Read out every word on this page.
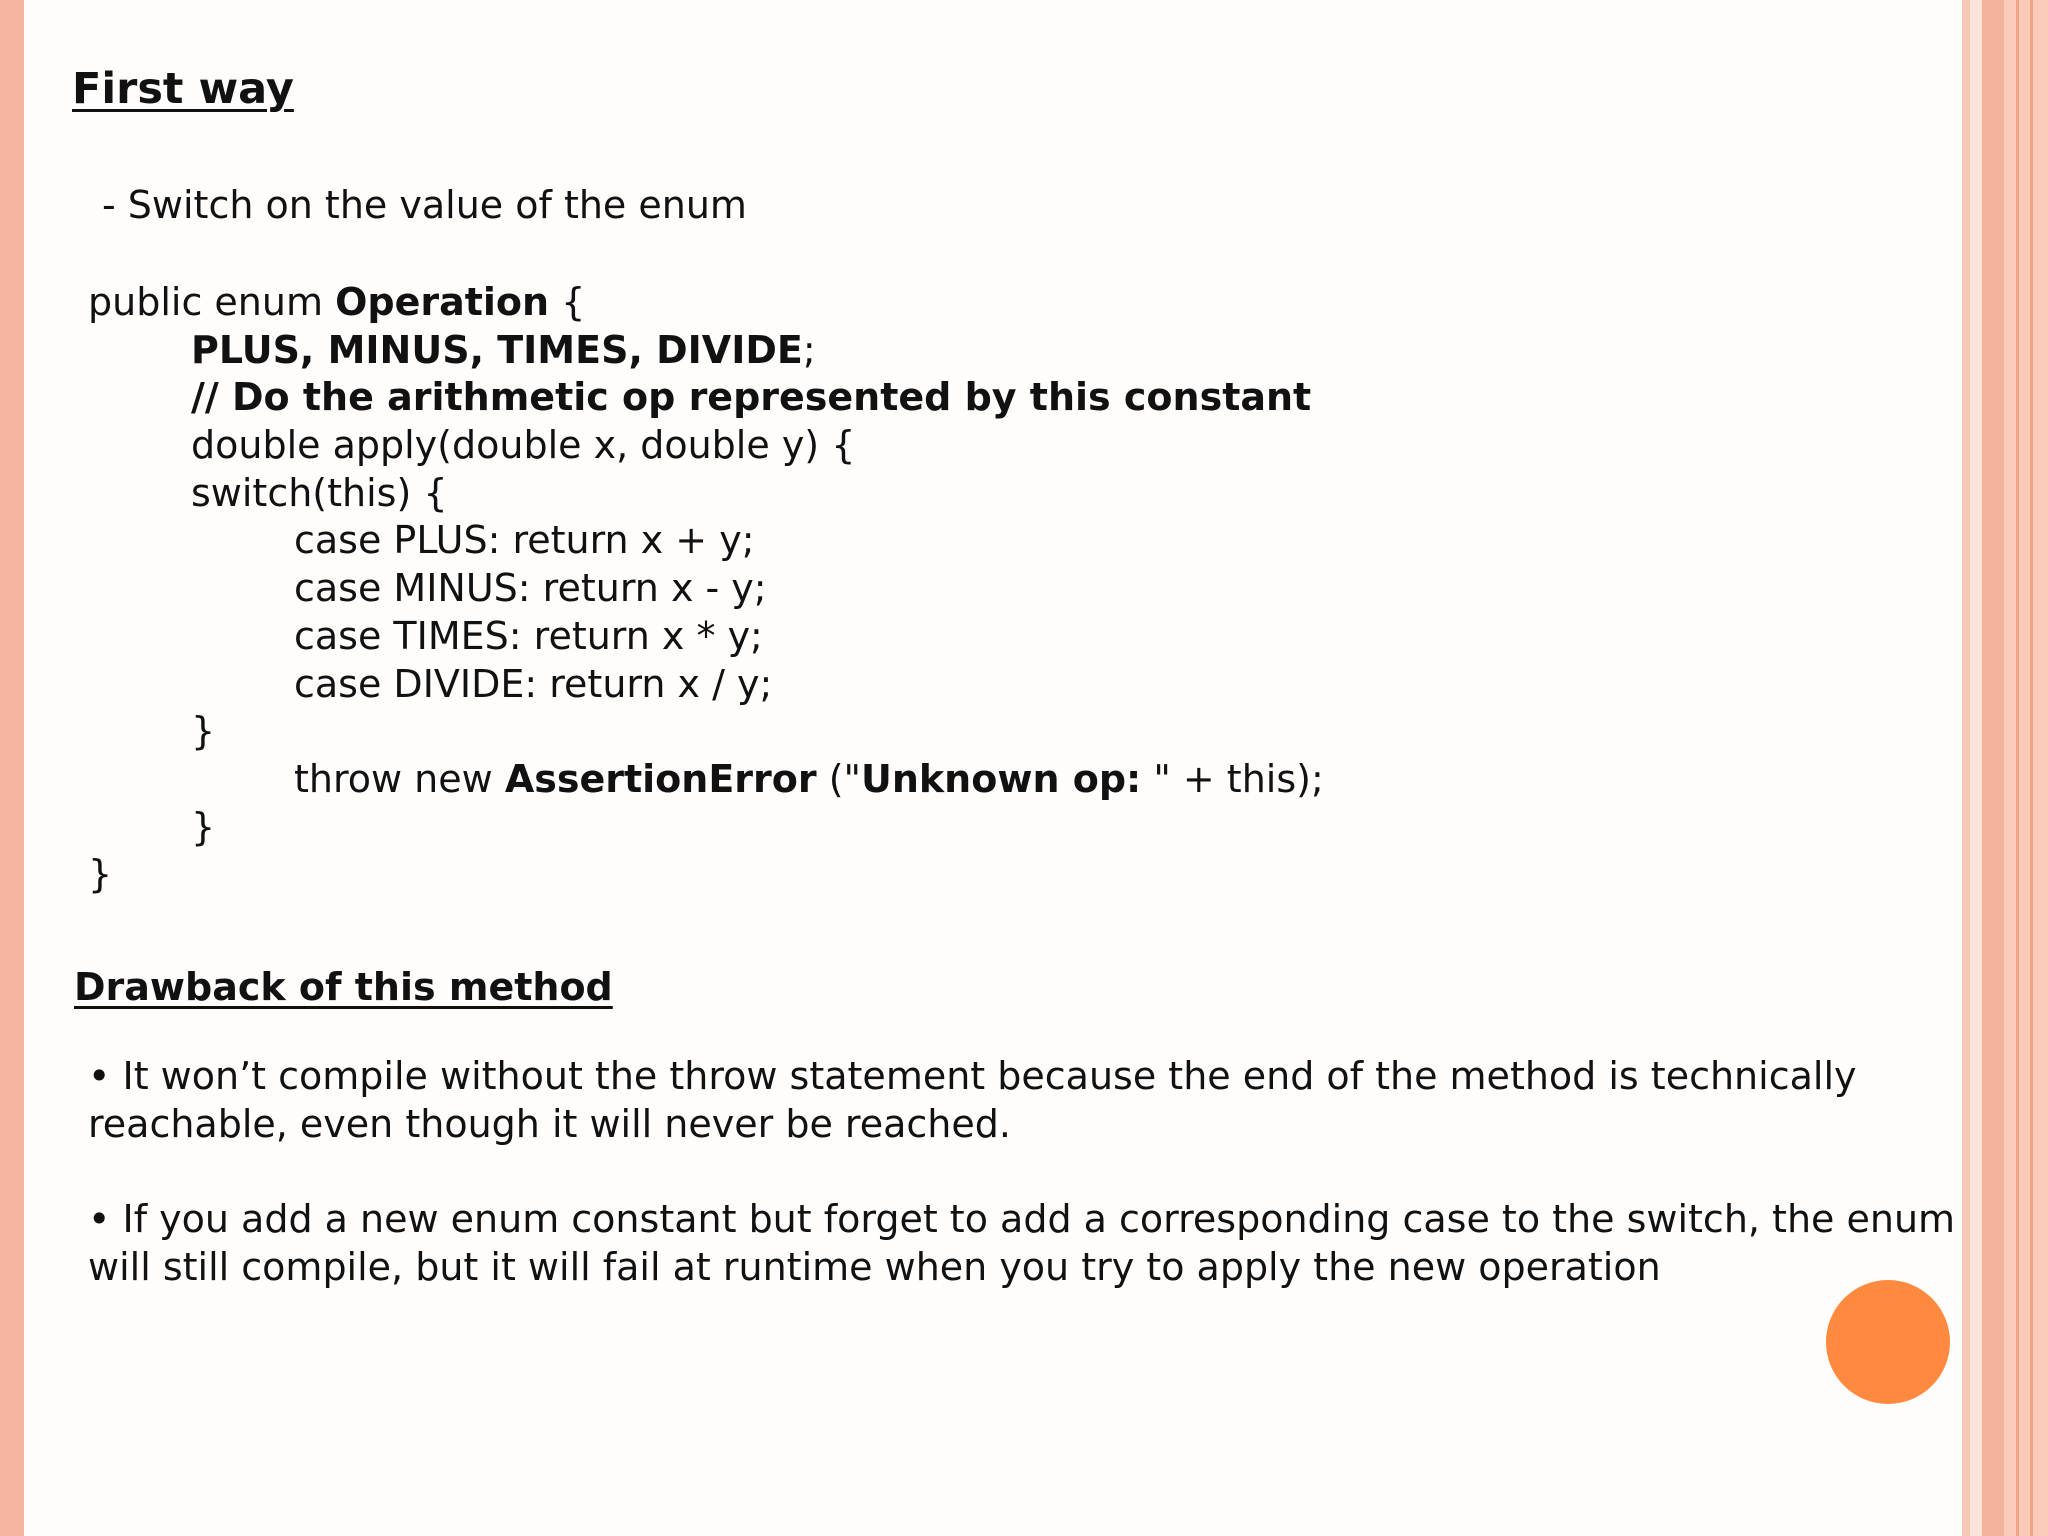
First way
- Switch on the value of the enum
public enum Operation {
PLUS, MINUS, TIMES, DIVIDE;
// Do the arithmetic op represented by this constant
double apply(double x, double y) {
switch(this) {
case PLUS: return x + y;
case MINUS: return x - y;
case TIMES: return x * y;
case DIVIDE: return x / y;
}
throw new AssertionError ("Unknown op: " + this);
}
}
Drawback of this method
• It won’t compile without the throw statement because the end of the method is technically reachable, even though it will never be reached.
• If you add a new enum constant but forget to add a corresponding case to the switch, the enum will still compile, but it will fail at runtime when you try to apply the new operation
